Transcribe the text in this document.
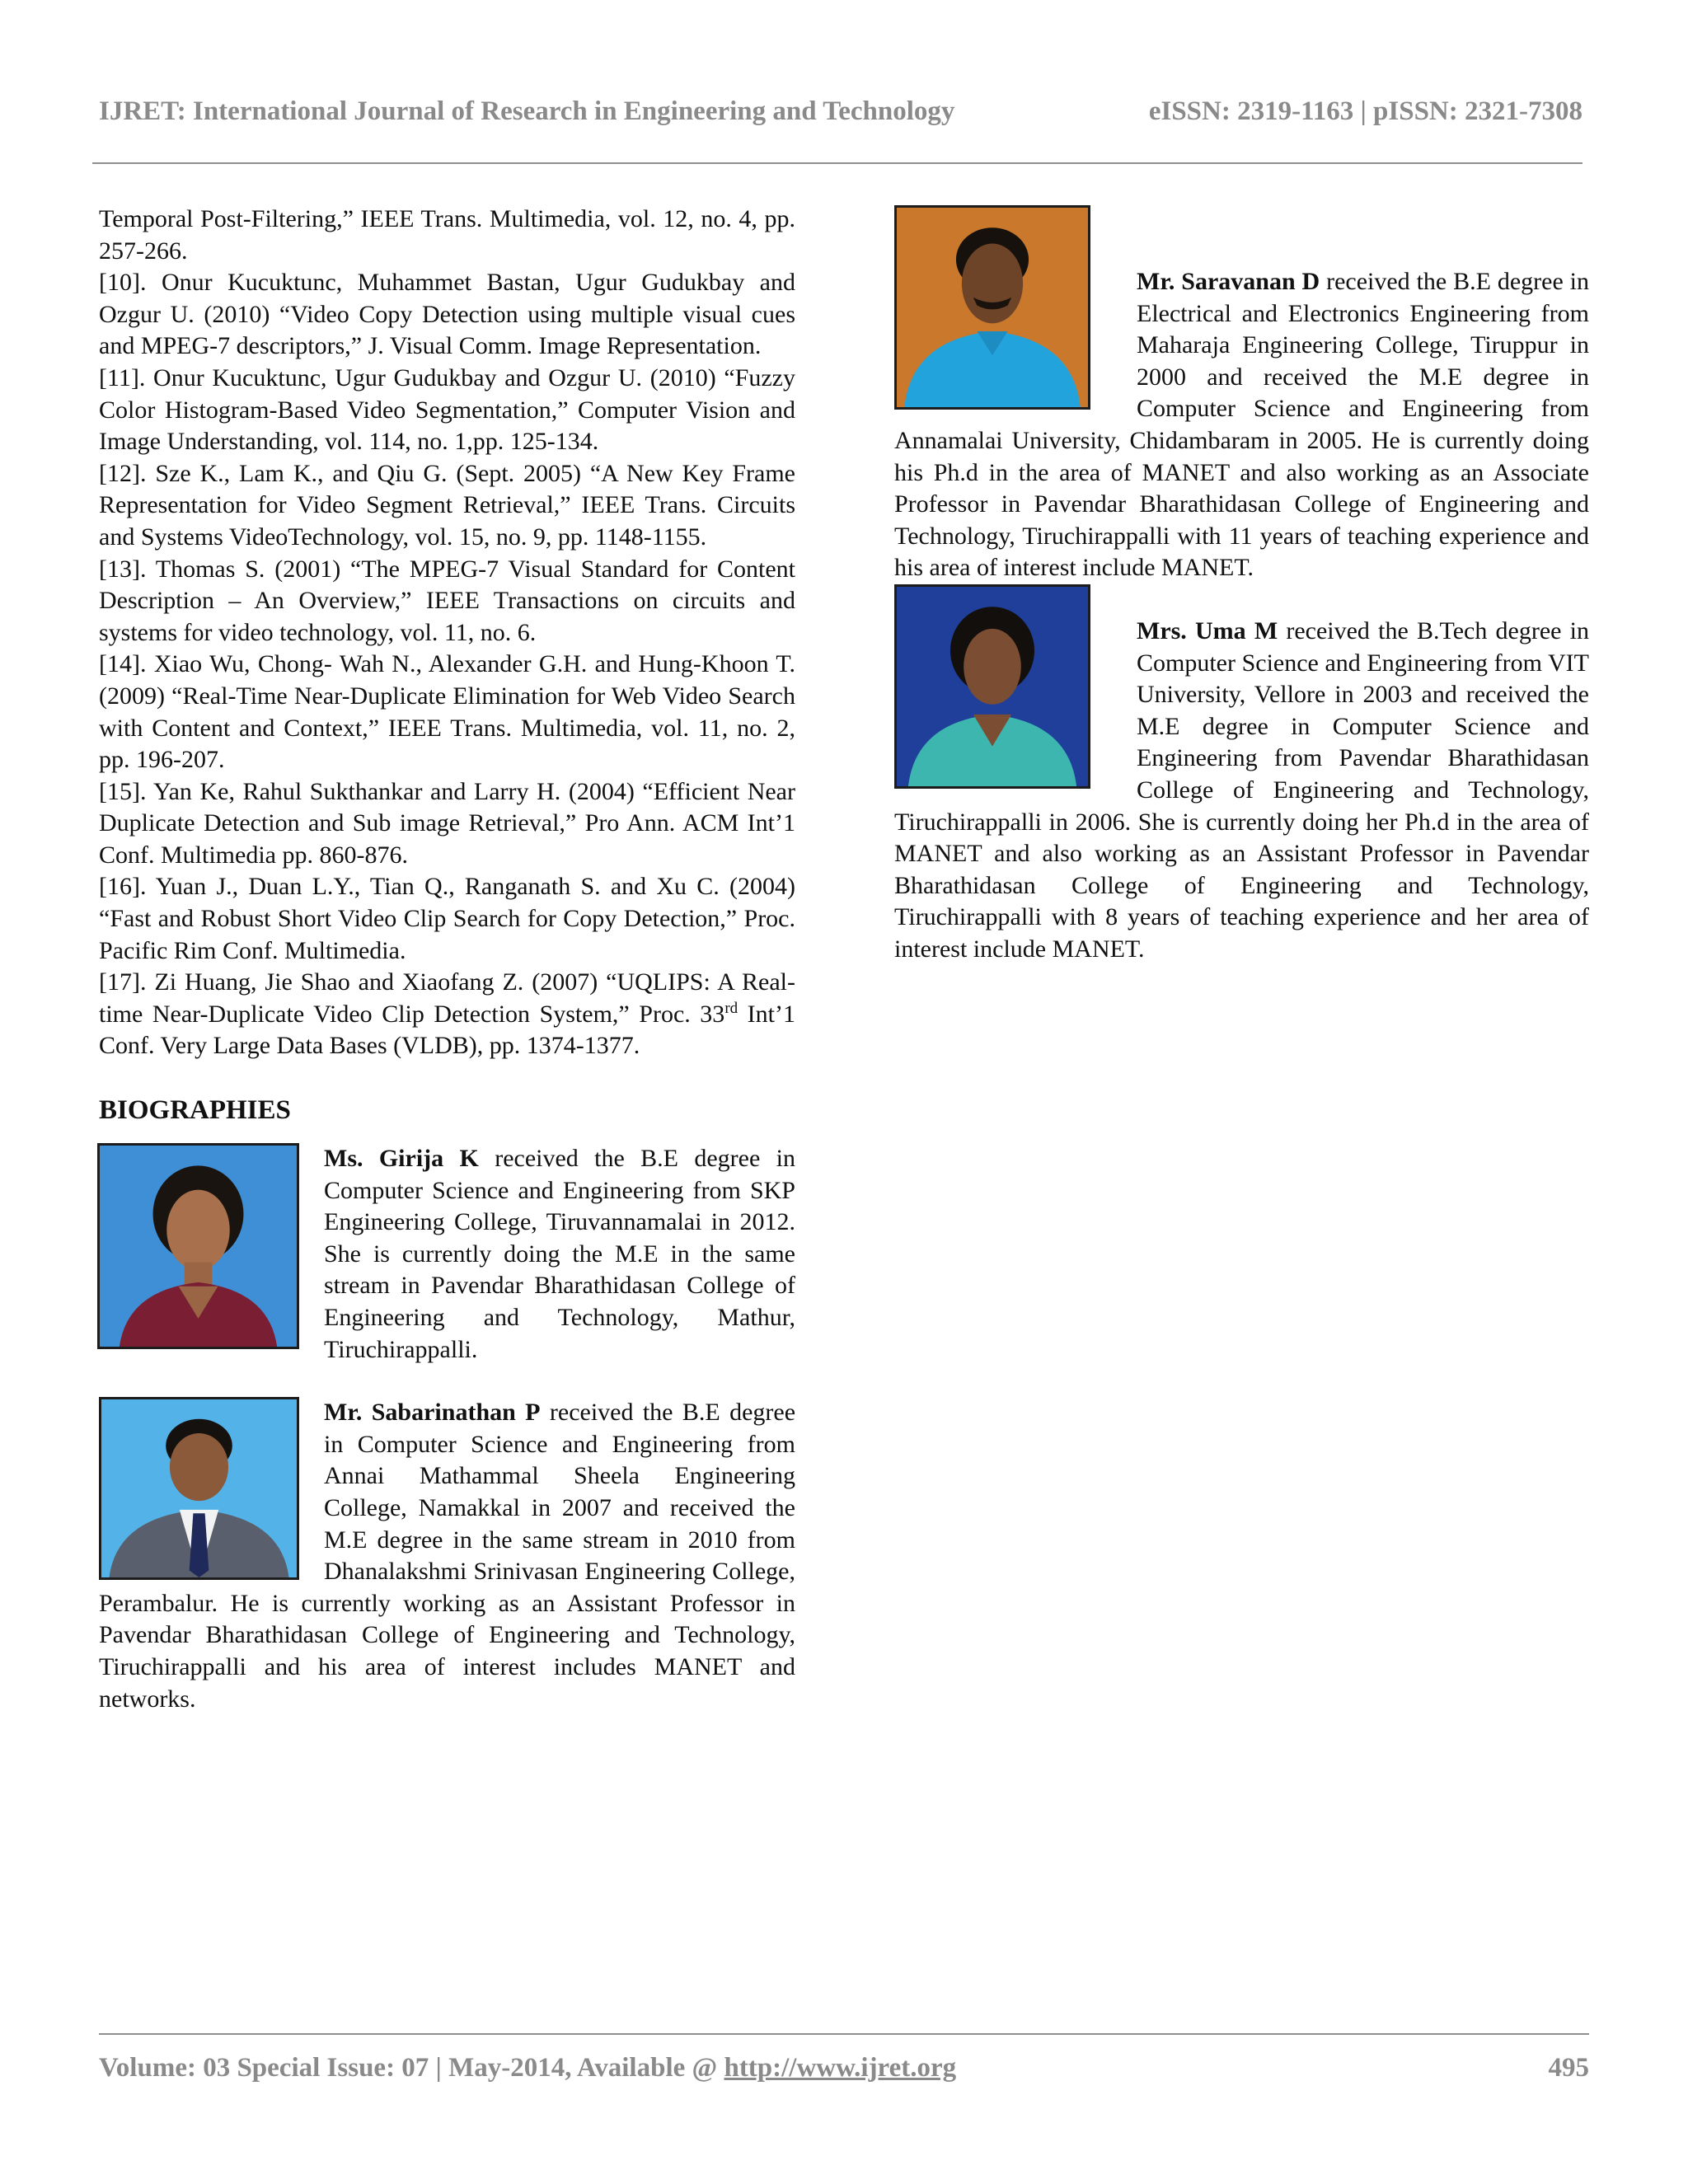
IJRET: International Journal of Research in Engineering and Technology	eISSN: 2319-1163 | pISSN: 2321-7308

Temporal Post-Filtering,” IEEE Trans. Multimedia, vol. 12, no. 4, pp. 257-266.

[10]. Onur Kucuktunc, Muhammet Bastan, Ugur Gudukbay and Ozgur U. (2010) “Video Copy Detection using multiple visual cues and MPEG-7 descriptors,” J. Visual Comm. Image Representation.

[11]. Onur Kucuktunc, Ugur Gudukbay and Ozgur U. (2010) “Fuzzy Color Histogram-Based Video Segmentation,” Computer Vision and Image Understanding, vol. 114, no. 1,pp. 125-134.

[12]. Sze K., Lam K., and Qiu G. (Sept. 2005) “A New Key Frame Representation for Video Segment Retrieval,” IEEE Trans. Circuits and Systems VideoTechnology, vol. 15, no. 9, pp. 1148-1155.

[13]. Thomas S. (2001) “The MPEG-7 Visual Standard for Content Description – An Overview,” IEEE Transactions on circuits and systems for video technology, vol. 11, no. 6.

[14]. Xiao Wu, Chong- Wah N., Alexander G.H. and Hung-Khoon T.(2009) “Real-Time Near-Duplicate Elimination for Web Video Search with Content and Context,” IEEE Trans. Multimedia, vol. 11, no. 2, pp. 196-207.

[15]. Yan Ke, Rahul Sukthankar and Larry H. (2004) “Efficient Near Duplicate Detection and Sub image Retrieval,” Pro Ann. ACM Int’1 Conf. Multimedia pp. 860-876.

[16]. Yuan J., Duan L.Y., Tian Q., Ranganath S. and Xu C. (2004) “Fast and Robust Short Video Clip Search for Copy Detection,” Proc. Pacific Rim Conf. Multimedia.

[17]. Zi Huang, Jie Shao and Xiaofang Z. (2007) “UQLIPS: A Real-time Near-Duplicate Video Clip Detection System,” Proc. 33rd Int’1 Conf. Very Large Data Bases (VLDB), pp. 1374-1377.

BIOGRAPHIES

Ms. Girija K received the B.E degree in Computer Science and Engineering from SKP Engineering College, Tiruvannamalai in 2012. She is currently doing the M.E in the same stream in Pavendar Bharathidasan College of Engineering and Technology, Mathur, Tiruchirappalli.

Mr. Sabarinathan P received the B.E degree in Computer Science and Engineering from Annai Mathammal Sheela Engineering College, Namakkal in 2007 and received the M.E degree in the same stream in 2010 from Dhanalakshmi Srinivasan Engineering College, Perambalur. He is currently working as an Assistant Professor in Pavendar Bharathidasan College of Engineering and Technology, Tiruchirappalli and his area of interest includes MANET and networks.

Mr. Saravanan D received the B.E degree in Electrical and Electronics Engineering from Maharaja Engineering College, Tiruppur in 2000 and received the M.E degree in Computer Science and Engineering from Annamalai University, Chidambaram in 2005. He is currently doing his Ph.d in the area of MANET and also working as an Associate Professor in Pavendar Bharathidasan College of Engineering and Technology, Tiruchirappalli with 11 years of teaching experience and his area of interest include MANET.

Mrs. Uma M received the B.Tech degree in Computer Science and Engineering from VIT University, Vellore in 2003 and received the M.E degree in Computer Science and Engineering from Pavendar Bharathidasan College of Engineering and Technology, Tiruchirappalli in 2006. She is currently doing her Ph.d in the area of MANET and also working as an Assistant Professor in Pavendar Bharathidasan College of Engineering and Technology, Tiruchirappalli with 8 years of teaching experience and her area of interest include MANET.

Volume: 03 Special Issue: 07 | May-2014, Available @ http://www.ijret.org	495
